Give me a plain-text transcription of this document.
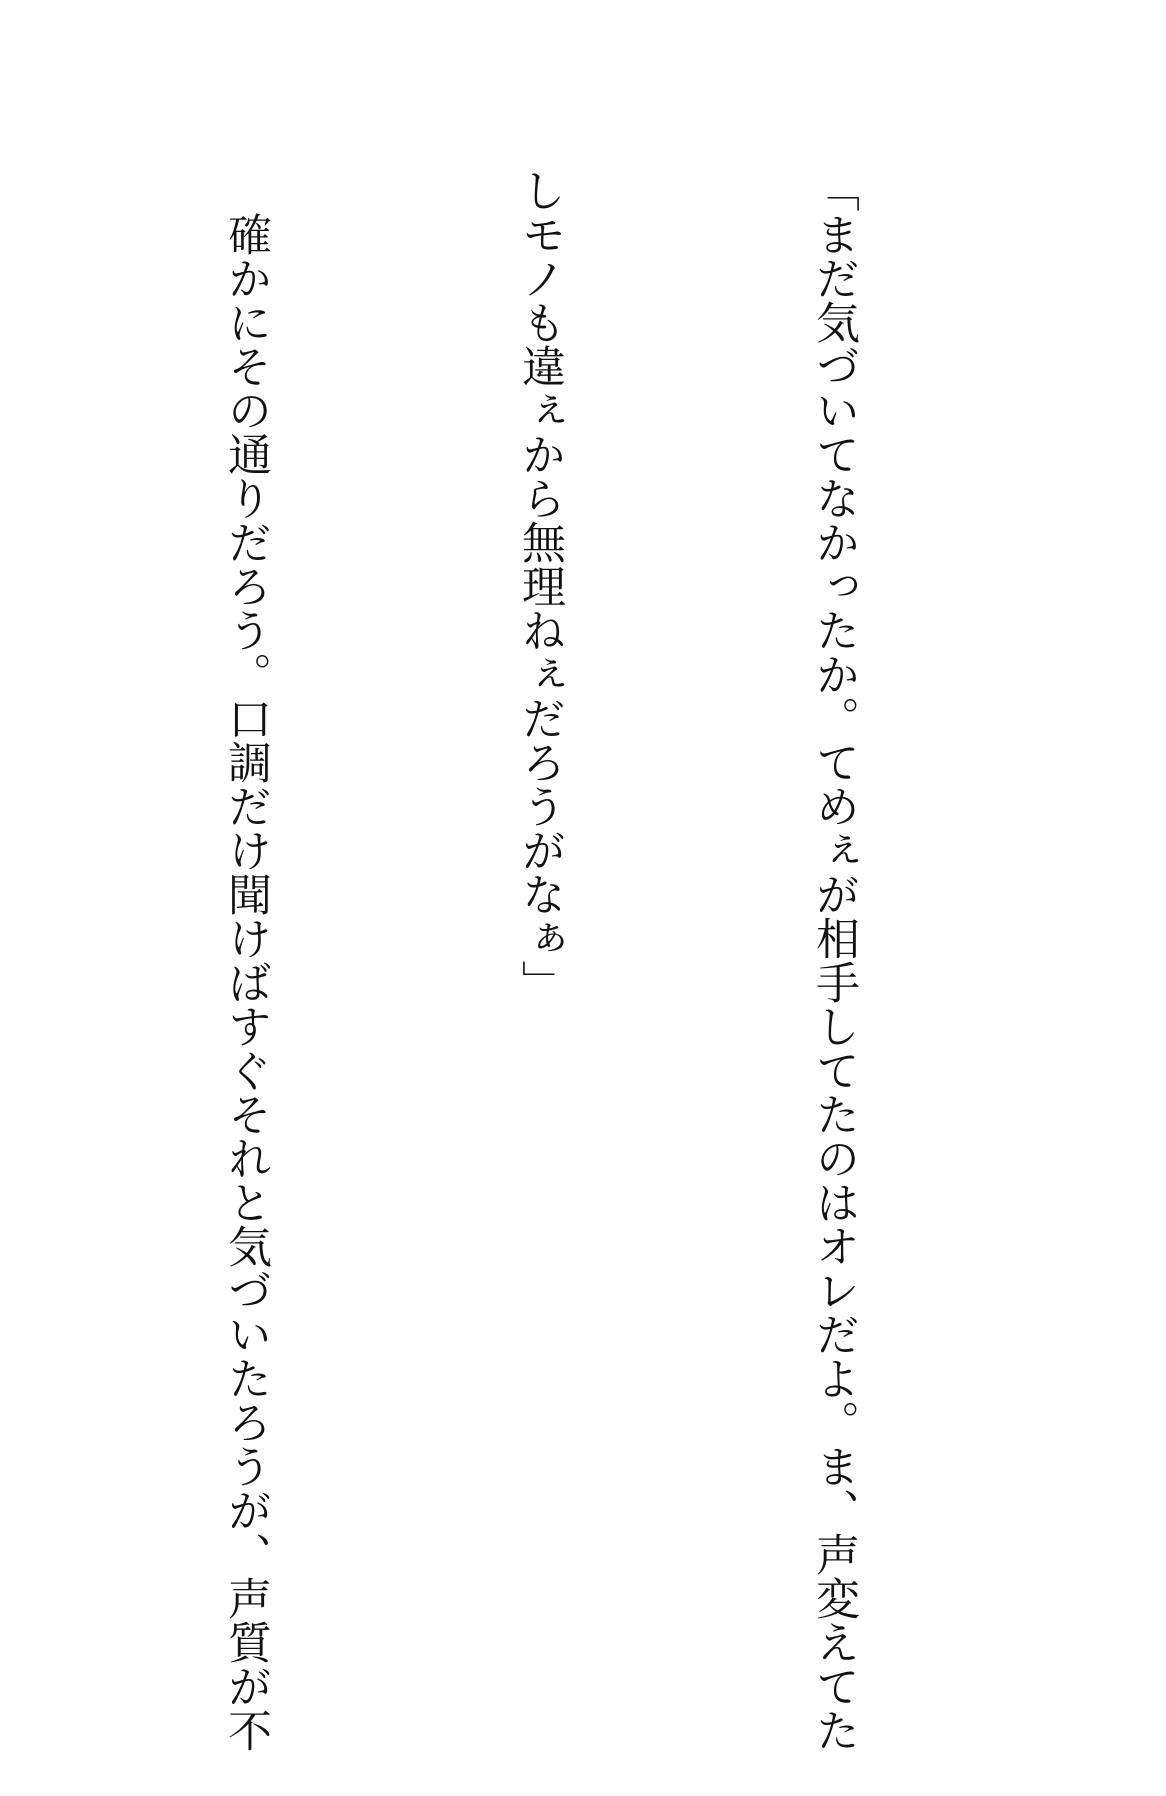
「まだ気づいてなかったか。てめぇが相手してたのはオレだよ。ま、声変えてた

しモノも違ぇから無理ねぇだろうがなぁ」

　確かにその通りだろう。口調だけ聞けばすぐそれと気づいたろうが、声質が不
